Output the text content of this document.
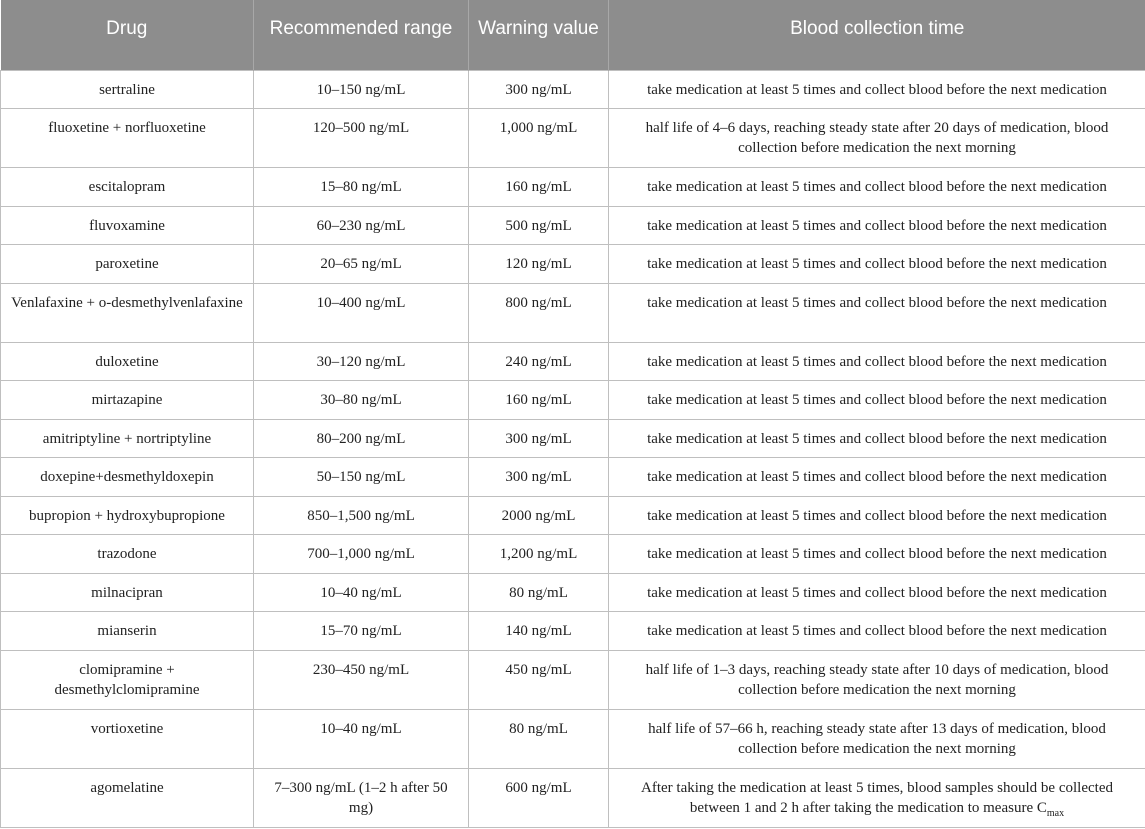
Drug	Recommended range	Warning value	Blood collection time

sertraline	10–150 ng/mL	300 ng/mL	take medication at least 5 times and collect blood before the next medication
fluoxetine + norfluoxetine	120–500 ng/mL	1,000 ng/mL	half life of 4–6 days, reaching steady state after 20 days of medication, blood collection before medication the next morning
escitalopram	15–80 ng/mL	160 ng/mL	take medication at least 5 times and collect blood before the next medication
fluvoxamine	60–230 ng/mL	500 ng/mL	take medication at least 5 times and collect blood before the next medication
paroxetine	20–65 ng/mL	120 ng/mL	take medication at least 5 times and collect blood before the next medication
Venlafaxine + o-desmethylvenlafaxine	10–400 ng/mL	800 ng/mL	take medication at least 5 times and collect blood before the next medication
duloxetine	30–120 ng/mL	240 ng/mL	take medication at least 5 times and collect blood before the next medication
mirtazapine	30–80 ng/mL	160 ng/mL	take medication at least 5 times and collect blood before the next medication
amitriptyline + nortriptyline	80–200 ng/mL	300 ng/mL	take medication at least 5 times and collect blood before the next medication
doxepine+desmethyldoxepin	50–150 ng/mL	300 ng/mL	take medication at least 5 times and collect blood before the next medication
bupropion + hydroxybupropione	850–1,500 ng/mL	2000 ng/mL	take medication at least 5 times and collect blood before the next medication
trazodone	700–1,000 ng/mL	1,200 ng/mL	take medication at least 5 times and collect blood before the next medication
milnacipran	10–40 ng/mL	80 ng/mL	take medication at least 5 times and collect blood before the next medication
mianserin	15–70 ng/mL	140 ng/mL	take medication at least 5 times and collect blood before the next medication
clomipramine + desmethylclomipramine	230–450 ng/mL	450 ng/mL	half life of 1–3 days, reaching steady state after 10 days of medication, blood collection before medication the next morning
vortioxetine	10–40 ng/mL	80 ng/mL	half life of 57–66 h, reaching steady state after 13 days of medication, blood collection before medication the next morning
agomelatine	7–300 ng/mL (1–2 h after 50 mg)	600 ng/mL	After taking the medication at least 5 times, blood samples should be collected between 1 and 2 h after taking the medication to measure $C_{max}$
